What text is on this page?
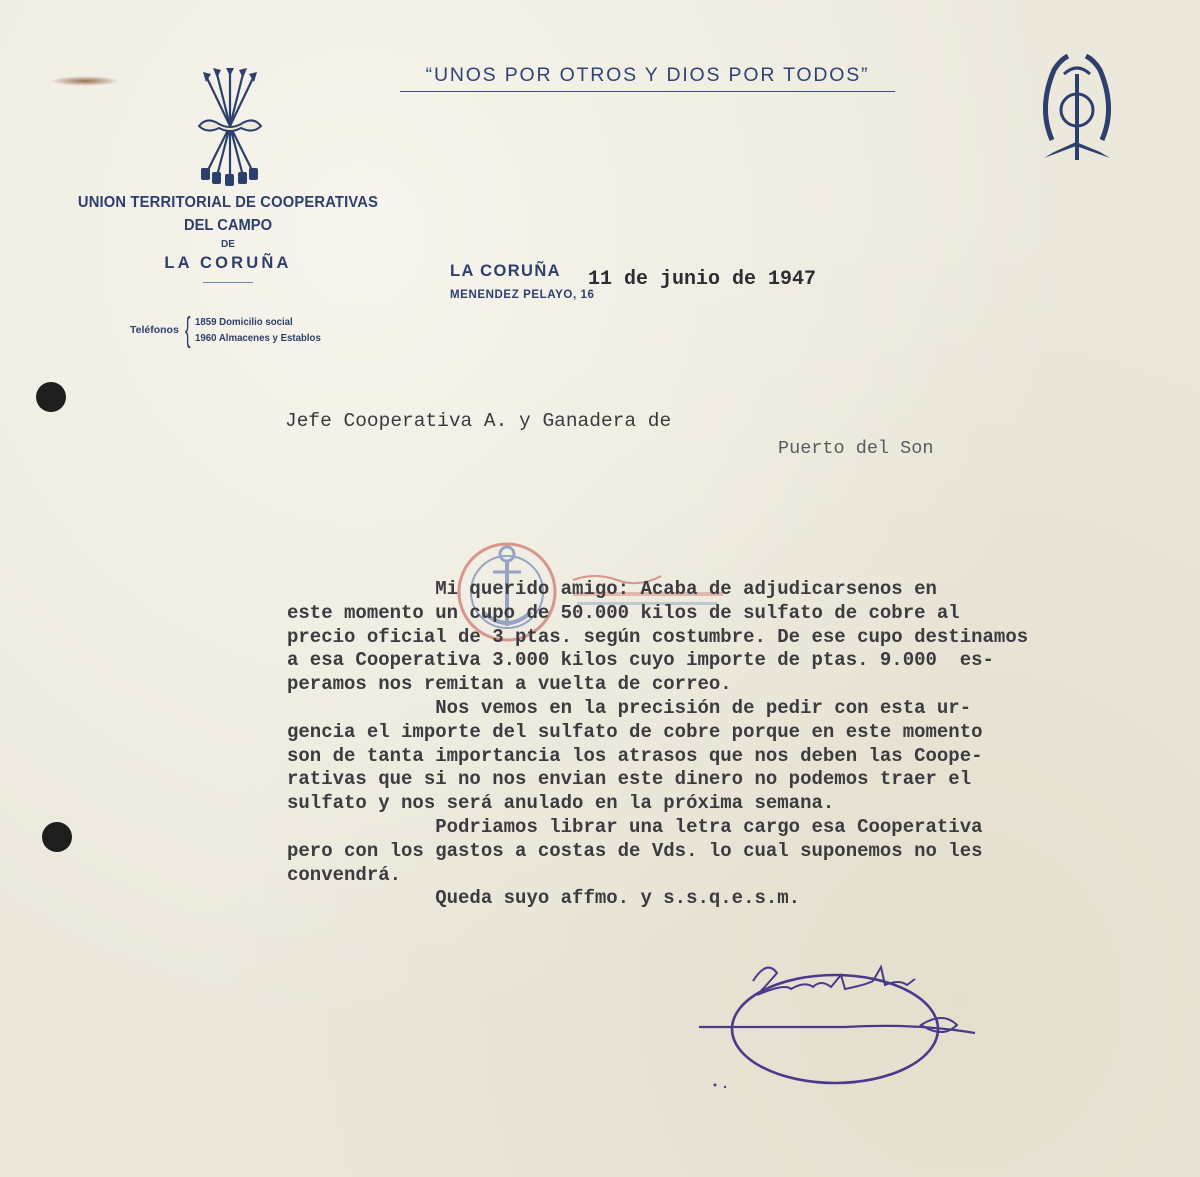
“UNOS POR OTROS Y DIOS POR TODOS”
UNION TERRITORIAL DE COOPERATIVAS
DEL CAMPO
DE
LA CORUÑA
Teléfonos { 1859 Domicilio social
1960 Almacenes y Establos
LA CORUÑA
MENENDEZ PELAYO, 16
11 de junio de 1947
Jefe Cooperativa A. y Ganadera de
Puerto del Son
Mi querido amigo: Acaba de adjudicarsenos en
este momento un cupo de 50.000 kilos de sulfato de cobre al
precio oficial de 3 ptas. según costumbre. De ese cupo destinamos
a esa Cooperativa 3.000 kilos cuyo importe de ptas. 9.000  es-
peramos nos remitan a vuelta de correo.
Nos vemos en la precisión de pedir con esta ur-
gencia el importe del sulfato de cobre porque en este momento
son de tanta importancia los atrasos que nos deben las Coope-
rativas que si no nos envian este dinero no podemos traer el
sulfato y nos será anulado en la próxima semana.
Podriamos librar una letra cargo esa Cooperativa
pero con los gastos a costas de Vds. lo cual suponemos no les
convendrá.
Queda suyo affmo. y s.s.q.e.s.m.
